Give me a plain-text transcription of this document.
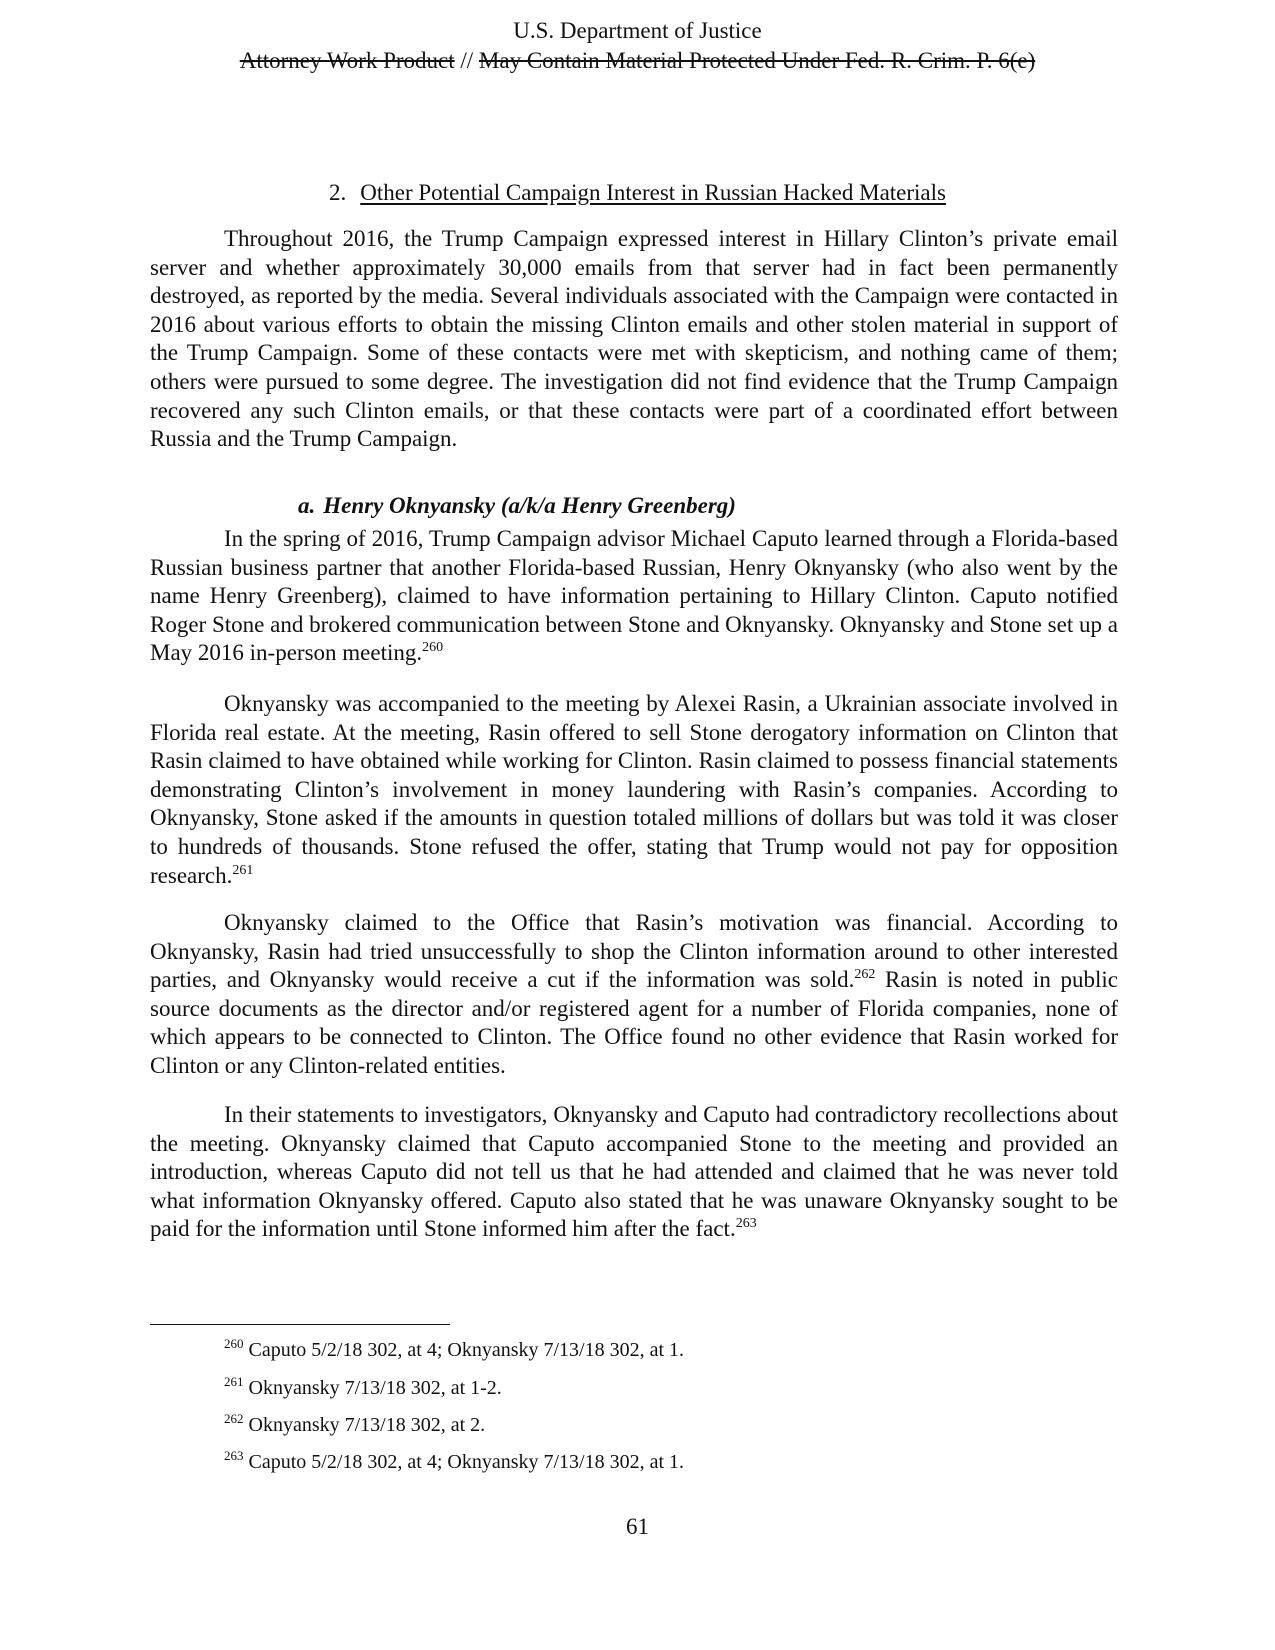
U.S. Department of Justice
Attorney Work Product // May Contain Material Protected Under Fed. R. Crim. P. 6(e)
2. Other Potential Campaign Interest in Russian Hacked Materials

Throughout 2016, the Trump Campaign expressed interest in Hillary Clinton’s private email server and whether approximately 30,000 emails from that server had in fact been permanently destroyed, as reported by the media. Several individuals associated with the Campaign were contacted in 2016 about various efforts to obtain the missing Clinton emails and other stolen material in support of the Trump Campaign. Some of these contacts were met with skepticism, and nothing came of them; others were pursued to some degree. The investigation did not find evidence that the Trump Campaign recovered any such Clinton emails, or that these contacts were part of a coordinated effort between Russia and the Trump Campaign.

a. Henry Oknyansky (a/k/a Henry Greenberg)

In the spring of 2016, Trump Campaign advisor Michael Caputo learned through a Florida-based Russian business partner that another Florida-based Russian, Henry Oknyansky (who also went by the name Henry Greenberg), claimed to have information pertaining to Hillary Clinton. Caputo notified Roger Stone and brokered communication between Stone and Oknyansky. Oknyansky and Stone set up a May 2016 in-person meeting.$^{260}$

Oknyansky was accompanied to the meeting by Alexei Rasin, a Ukrainian associate involved in Florida real estate. At the meeting, Rasin offered to sell Stone derogatory information on Clinton that Rasin claimed to have obtained while working for Clinton. Rasin claimed to possess financial statements demonstrating Clinton’s involvement in money laundering with Rasin’s companies. According to Oknyansky, Stone asked if the amounts in question totaled millions of dollars but was told it was closer to hundreds of thousands. Stone refused the offer, stating that Trump would not pay for opposition research.$^{261}$

Oknyansky claimed to the Office that Rasin’s motivation was financial. According to Oknyansky, Rasin had tried unsuccessfully to shop the Clinton information around to other interested parties, and Oknyansky would receive a cut if the information was sold.$^{262}$ Rasin is noted in public source documents as the director and/or registered agent for a number of Florida companies, none of which appears to be connected to Clinton. The Office found no other evidence that Rasin worked for Clinton or any Clinton-related entities.

In their statements to investigators, Oknyansky and Caputo had contradictory recollections about the meeting. Oknyansky claimed that Caputo accompanied Stone to the meeting and provided an introduction, whereas Caputo did not tell us that he had attended and claimed that he was never told what information Oknyansky offered. Caputo also stated that he was unaware Oknyansky sought to be paid for the information until Stone informed him after the fact.$^{263}$

$^{260}$ Caputo 5/2/18 302, at 4; Oknyansky 7/13/18 302, at 1.
$^{261}$ Oknyansky 7/13/18 302, at 1-2.
$^{262}$ Oknyansky 7/13/18 302, at 2.
$^{263}$ Caputo 5/2/18 302, at 4; Oknyansky 7/13/18 302, at 1.
61
